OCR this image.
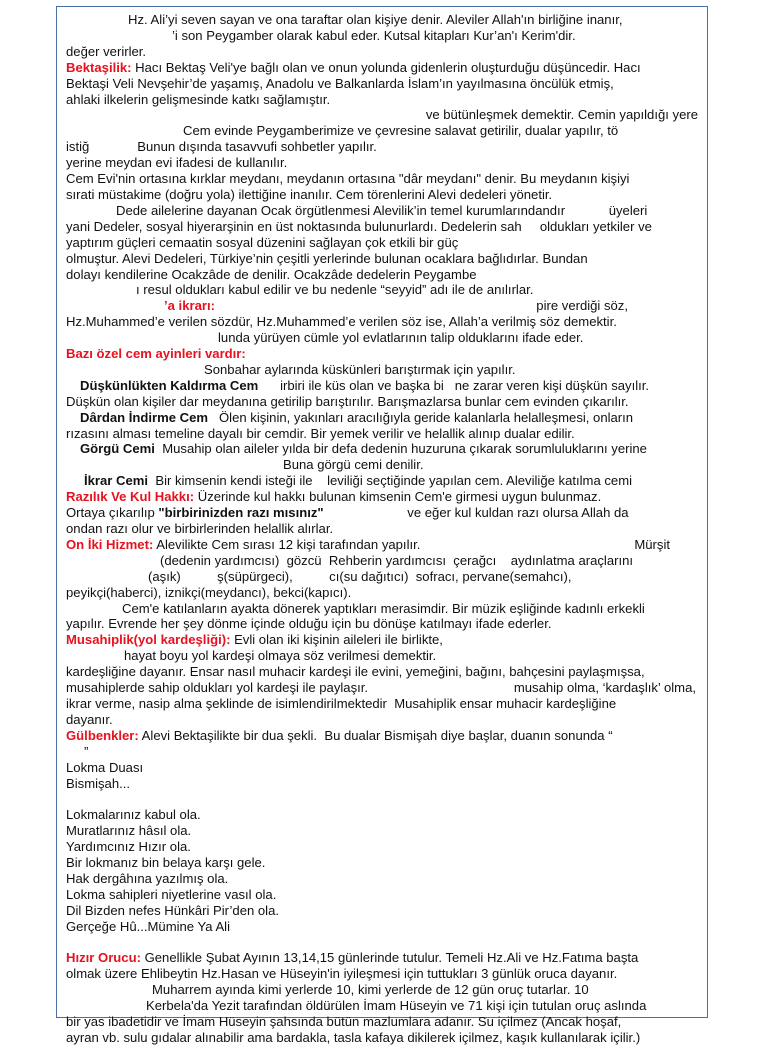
Hz. Ali’yi seven sayan ve ona taraftar olan kişiye denir. Aleviler Allah'ın birliğine inanır,

’i son Peygamber olarak kabul eder. Kutsal kitapları Kur’an'ı Kerim'dir.

değer verirler.

Bektaşilik: Hacı Bektaş Veli'ye bağlı olan ve onun yolunda gidenlerin oluşturduğu düşüncedir. Hacı

Bektaşi Veli Nevşehir’de yaşamış, Anadolu ve Balkanlarda İslam’ın yayılmasına öncülük etmiş,

ahlaki ilkelerin gelişmesinde katkı sağlamıştır.

ve bütünleşmek demektir. Cemin yapıldığı yere

Cem evinde Peygamberimize ve çevresine salavat getirilir, dualar yapılır, tö

istiğ	Bunun dışında tasavvufi sohbetler yapılır.

yerine meydan evi ifadesi de kullanılır.

Cem Evi'nin ortasına kırklar meydanı, meydanın ortasına "dâr meydanı" denir. Bu meydanın kişiyi

sırati müstakime (doğru yola) ilettiğine inanılır. Cem törenlerini Alevi dedeleri yönetir.

Dede ailelerine dayanan Ocak örgütlenmesi Alevilik’in temel kurumlarındandır            üyeleri

yani Dedeler, sosyal hiyerarşinin en üst noktasında bulunurlardı. Dedelerin sah     oldukları yetkiler ve

yaptırım güçleri cemaatin sosyal düzenini sağlayan çok etkili bir güç

olmuştur. Alevi Dedeleri, Türkiye’nin çeşitli yerlerinde bulunan ocaklara bağlıdırlar. Bundan

dolayı kendilerine Ocakzâde de denilir. Ocakzâde dedelerin Peygambe

ı resul oldukları kabul edilir ve bu nedenle “seyyid” adı ile de anılırlar.

’a ikrarı:	pire verdiği söz,

Hz.Muhammed’e verilen sözdür, Hz.Muhammed’e verilen söz ise, Allah’a verilmiş söz demektir.

lunda yürüyen cümle yol evlatlarının talip olduklarını ifade eder.

Bazı özel cem ayinleri vardır:

Sonbahar aylarında küskünleri barıştırmak için yapılır.

Düşkünlükten Kaldırma Cem      irbiri ile küs olan ve başka bi   ne zarar veren kişi düşkün sayılır.

Düşkün olan kişiler dar meydanına getirilip barıştırılır. Barışmazlarsa bunlar cem evinden çıkarılır.

Dârdan İndirme Cem   Ölen kişinin, yakınları aracılığıyla geride kalanlarla helalleşmesi, onların

rızasını alması temeline dayalı bir cemdir. Bir yemek verilir ve helallik alınıp dualar edilir.

Görgü Cemi  Musahip olan aileler yılda bir defa dedenin huzuruna çıkarak sorumluluklarını yerine

Buna görgü cemi denilir.

İkrar Cemi  Bir kimsenin kendi isteği ile    leviliği seçtiğinde yapılan cem. Aleviliğe katılma cemi

Razılık Ve Kul Hakkı: Üzerinde kul hakkı bulunan kimsenin Cem'e girmesi uygun bulunmaz.

Ortaya çıkarılıp "birbirinizden razı mısınız"                       ve eğer kul kuldan razı olursa Allah da

ondan razı olur ve birbirlerinden helallik alırlar.

On İki Hizmet: Alevilikte Cem sırası 12 kişi tarafından yapılır.	Mürşit

(dedenin yardımcısı)  gözcü  Rehberin yardımcısı  çerağcı    aydınlatma araçlarını

(aşık)          ş(süpürgeci),          cı(su dağıtıcı)  sofracı, pervane(semahcı),

peyikçi(haberci), iznikçi(meydancı), bekci(kapıcı).

Cem'e katılanların ayakta dönerek yaptıkları merasimdir. Bir müzik eşliğinde kadınlı erkekli

yapılır. Evrende her şey dönme içinde olduğu için bu dönüşe katılmayı ifade ederler.

Musahiplik(yol kardeşliği): Evli olan iki kişinin aileleri ile birlikte,

hayat boyu yol kardeşi olmaya söz verilmesi demektir.

kardeşliğine dayanır. Ensar nasıl muhacir kardeşi ile evini, yemeğini, bağını, bahçesini paylaşmışsa,

musahiplerde sahip oldukları yol kardeşi ile paylaşır.	musahip olma, ‘kardaşlık’ olma,

ikrar verme, nasip alma şeklinde de isimlendirilmektedir  Musahiplik ensar muhacir kardeşliğine

dayanır.

Gülbenkler: Alevi Bektaşilikte bir dua şekli.  Bu dualar Bismişah diye başlar, duanın sonunda “

”

Lokma Duası

Bismişah...

Lokmalarınız kabul ola.

Muratlarınız hâsıl ola.

Yardımcınız Hızır ola.

Bir lokmanız bin belaya karşı gele.

Hak dergâhına yazılmış ola.

Lokma sahipleri niyetlerine vasıl ola.

Dil Bizden nefes Hünkâri Pir’den ola.

Gerçeğe Hû...Mümine Ya Ali

Hızır Orucu: Genellikle Şubat Ayının 13,14,15 günlerinde tutulur. Temeli Hz.Ali ve Hz.Fatıma başta

olmak üzere Ehlibeytin Hz.Hasan ve Hüseyin'in iyileşmesi için tuttukları 3 günlük oruca dayanır.

Muharrem ayında kimi yerlerde 10, kimi yerlerde de 12 gün oruç tutarlar. 10

Kerbela'da Yezit tarafından öldürülen İmam Hüseyin ve 71 kişi için tutulan oruç aslında

bir yas ibadetidir ve İmam Hüseyin şahsında bütün mazlumlara adanır. Su içilmez (Ancak hoşaf,

ayran vb. sulu gıdalar alınabilir ama bardakla, tasla kafaya dikilerek içilmez, kaşık kullanılarak içilir.)
